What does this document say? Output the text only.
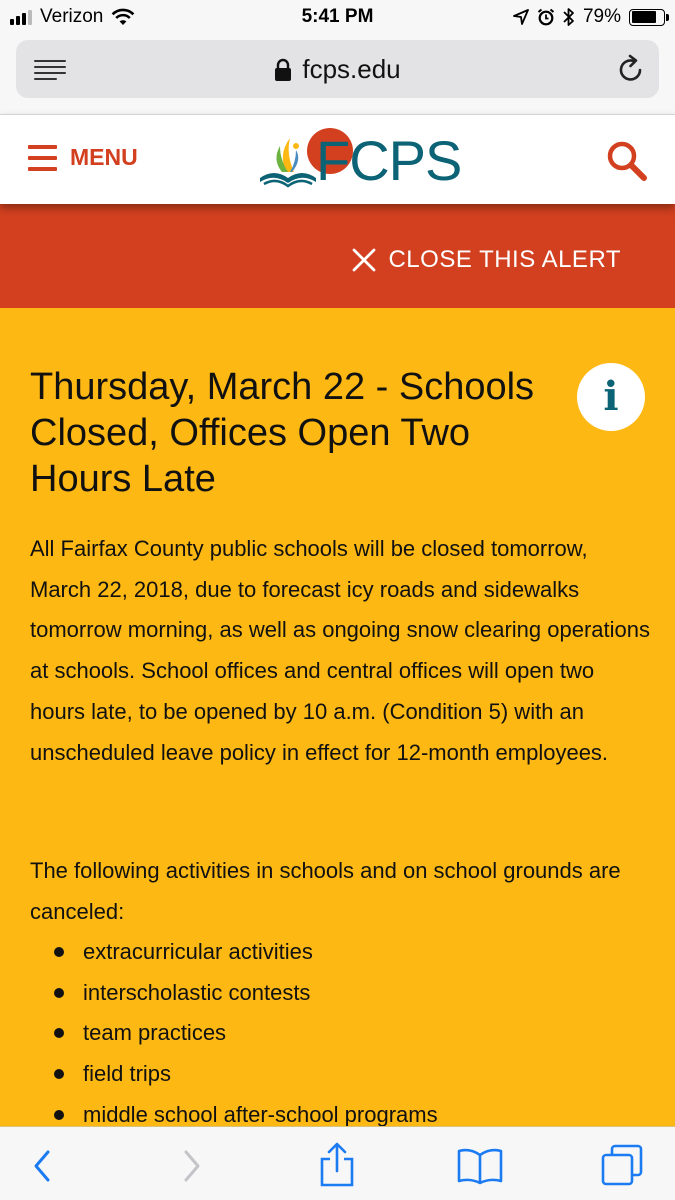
Verizon	5:41 PM	79%
fcps.edu
MENU	FCPS
CLOSE THIS ALERT
Thursday, March 22 - Schools Closed, Offices Open Two Hours Late
i

All Fairfax County public schools will be closed tomorrow, March 22, 2018, due to forecast icy roads and sidewalks tomorrow morning, as well as ongoing snow clearing operations at schools. School offices and central offices will open two hours late, to be opened by 10 a.m. (Condition 5) with an unscheduled leave policy in effect for 12-month employees.

The following activities in schools and on school grounds are canceled:

extracurricular activities
interscholastic contests
team practices
field trips
middle school after-school programs
